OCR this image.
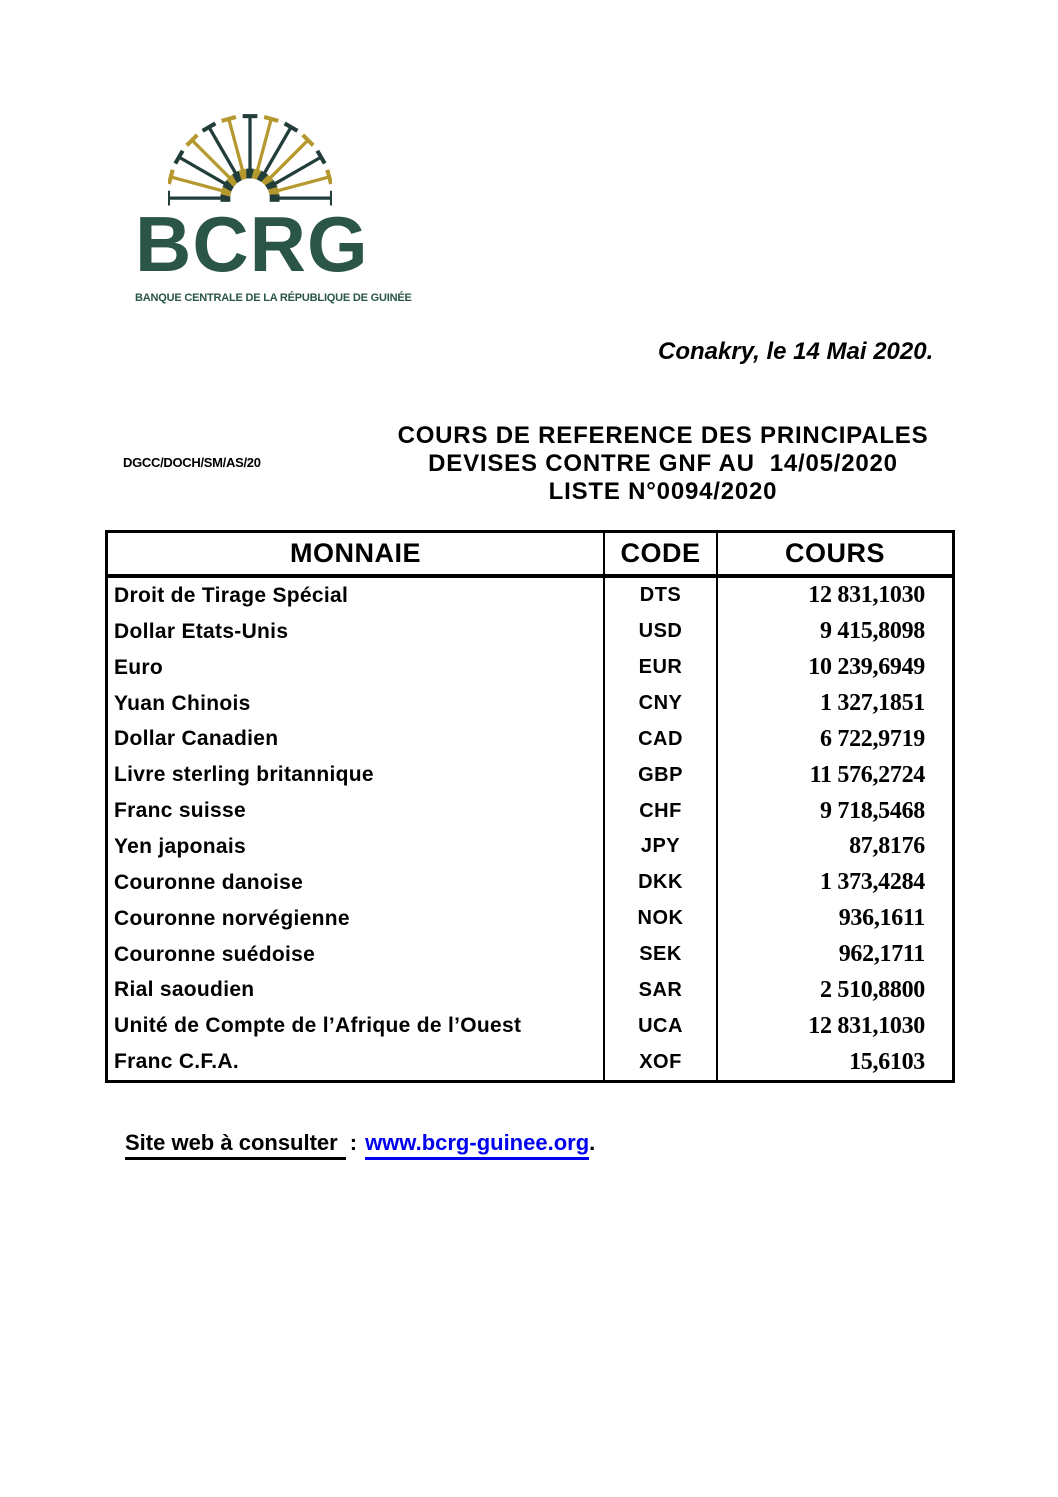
BCRG
BANQUE CENTRALE DE LA RÉPUBLIQUE DE GUINÉE
Conakry, le 14 Mai 2020.
DGCC/DOCH/SM/AS/20
COURS DE REFERENCE DES PRINCIPALES
DEVISES CONTRE GNF AU  14/05/2020
LISTE N°0094/2020
MONNAIE	CODE	COURS
Droit de Tirage Spécial	DTS	12 831,1030
Dollar Etats-Unis	USD	9 415,8098
Euro	EUR	10 239,6949
Yuan Chinois	CNY	1 327,1851
Dollar Canadien	CAD	6 722,9719
Livre sterling britannique	GBP	11 576,2724
Franc suisse	CHF	9 718,5468
Yen japonais	JPY	87,8176
Couronne danoise	DKK	1 373,4284
Couronne norvégienne	NOK	936,1611
Couronne suédoise	SEK	962,1711
Rial saoudien	SAR	2 510,8800
Unité de Compte de l’Afrique de l’Ouest	UCA	12 831,1030
Franc C.F.A.	XOF	15,6103
Site web à consulter : www.bcrg-guinee.org.
